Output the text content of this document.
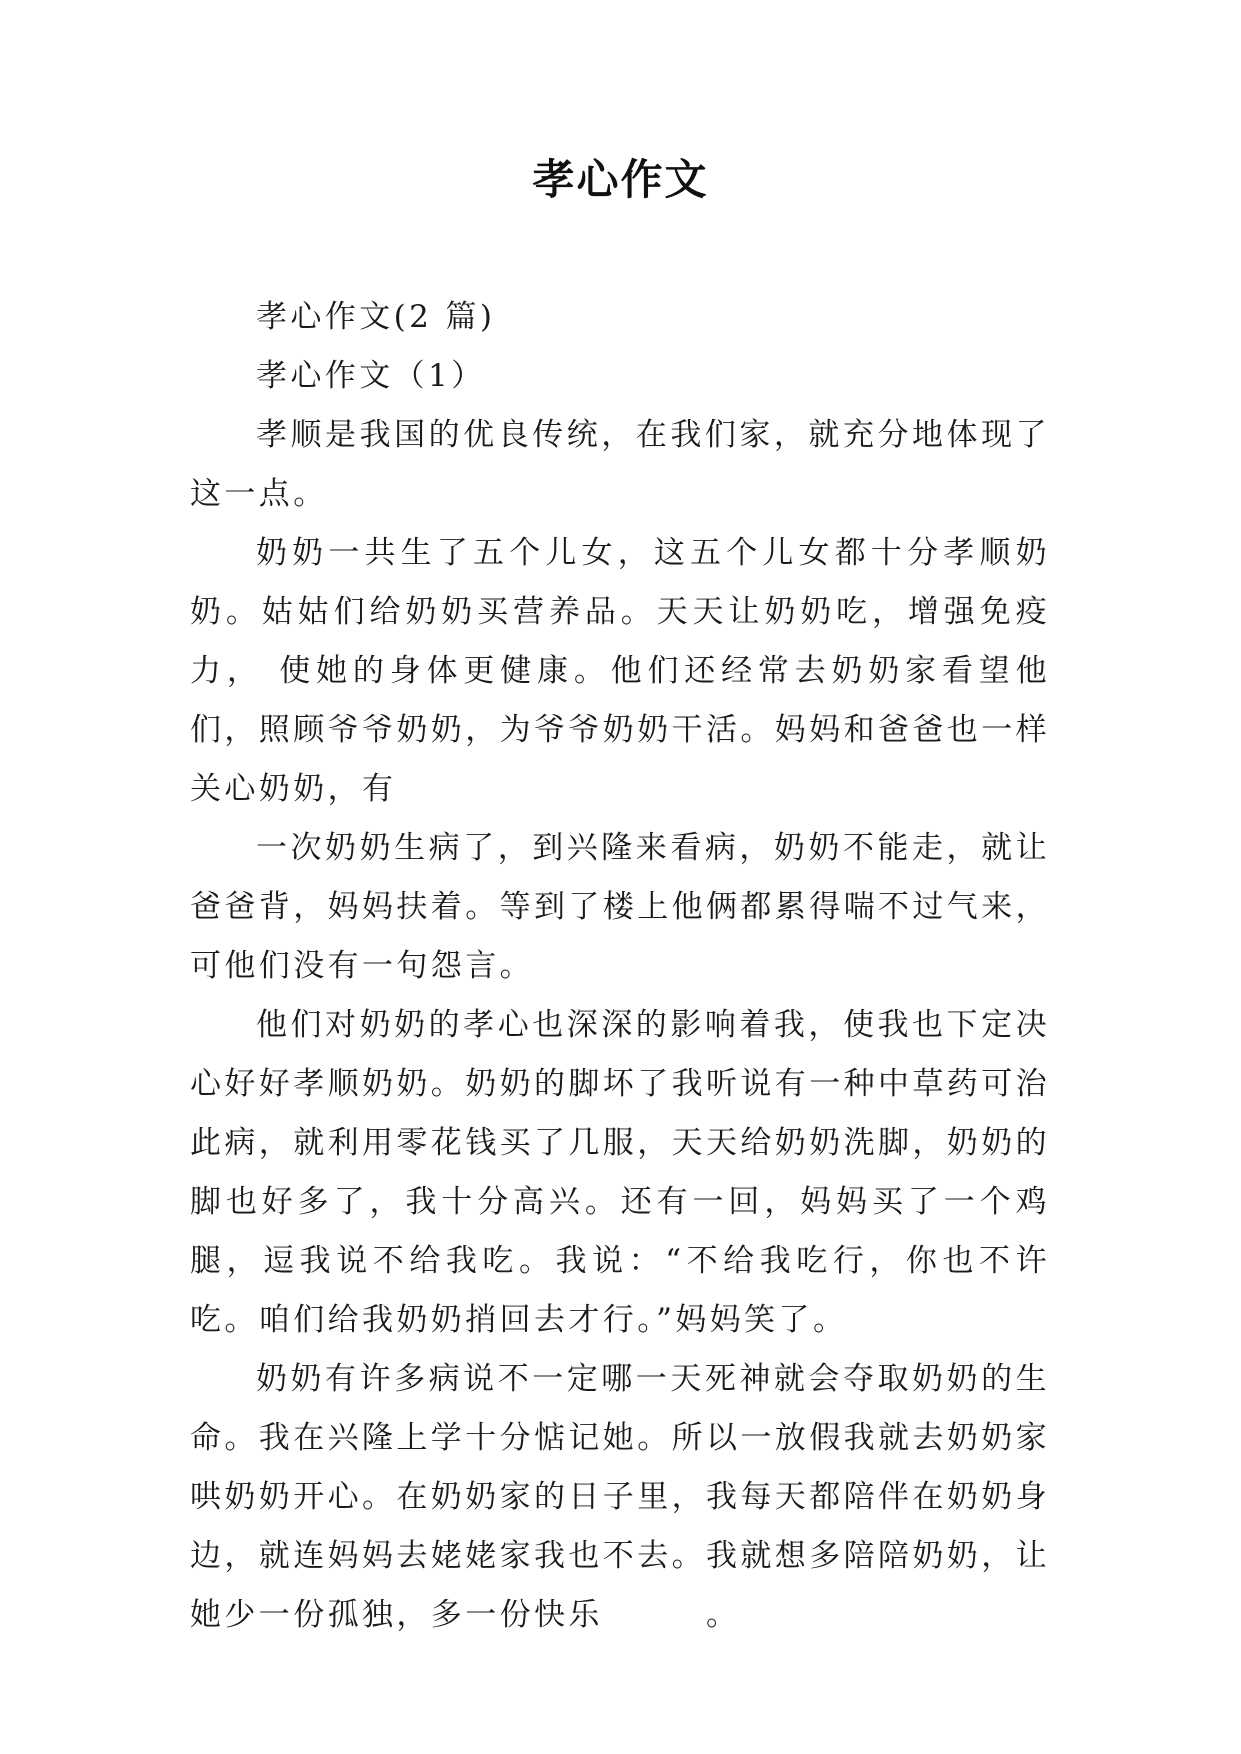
孝心作文

孝心作文(2 篇)

孝心作文（1）

孝顺是我国的优良传统，在我们家，就充分地体现了这一点。

奶奶一共生了五个儿女，这五个儿女都十分孝顺奶奶。姑姑们给奶奶买营养品。天天让奶奶吃，增强免疫力， 使她的身体更健康。他们还经常去奶奶家看望他们，照顾爷爷奶奶，为爷爷奶奶干活。妈妈和爸爸也一样关心奶奶，有

一次奶奶生病了，到兴隆来看病，奶奶不能走，就让爸爸背，妈妈扶着。等到了楼上他俩都累得喘不过气来，可他们没有一句怨言。

他们对奶奶的孝心也深深的影响着我，使我也下定决心好好孝顺奶奶。奶奶的脚坏了我听说有一种中草药可治此病，就利用零花钱买了几服，天天给奶奶洗脚，奶奶的脚也好多了，我十分高兴。还有一回，妈妈买了一个鸡腿，逗我说不给我吃。我说：“不给我吃行，你也不许吃。咱们给我奶奶捎回去才行。”妈妈笑了。

奶奶有许多病说不一定哪一天死神就会夺取奶奶的生命。我在兴隆上学十分惦记她。所以一放假我就去奶奶家哄奶奶开心。在奶奶家的日子里，我每天都陪伴在奶奶身边，就连妈妈去姥姥家我也不去。我就想多陪陪奶奶，让她少一份孤独，多一份快乐　　　。
